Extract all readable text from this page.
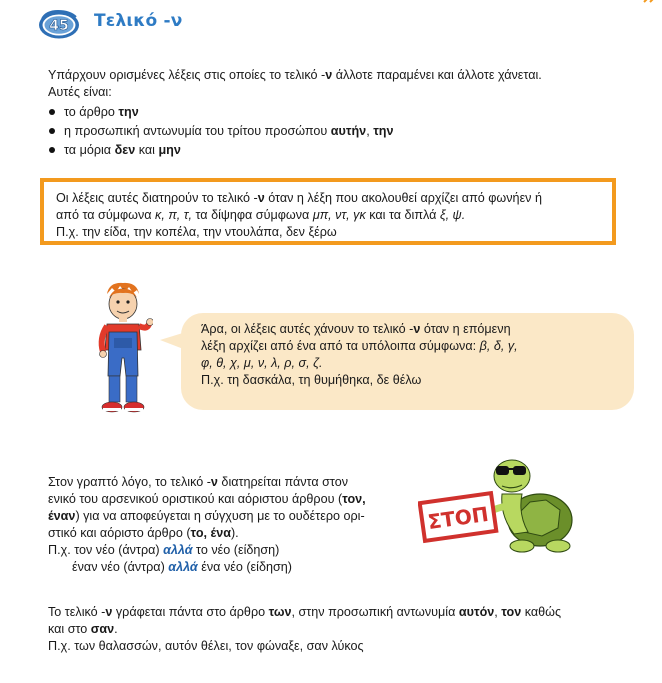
45 Τελικό -ν

Υπάρχουν ορισμένες λέξεις στις οποίες το τελικό -ν άλλοτε παραμένει και άλλοτε χάνεται.

Αυτές είναι:

το άρθρο την
η προσωπική αντωνυμία του τρίτου προσώπου αυτήν, την
τα μόρια δεν και μην

Οι λέξεις αυτές διατηρούν το τελικό -ν όταν η λέξη που ακολουθεί αρχίζει από φωνήεν ή

από τα σύμφωνα κ, π, τ, τα δίψηφα σύμφωνα μπ, ντ, γκ και τα διπλά ξ, ψ.

Π.χ. την είδα, την κοπέλα, την ντουλάπα, δεν ξέρω

Άρα, οι λέξεις αυτές χάνουν το τελικό -ν όταν η επόμενη

λέξη αρχίζει από ένα από τα υπόλοιπα σύμφωνα: β, δ, γ,

φ, θ, χ, μ, ν, λ, ρ, σ, ζ.

Π.χ. τη δασκάλα, τη θυμήθηκα, δε θέλω

Στον γραπτό λόγο, το τελικό -ν διατηρείται πάντα στον

ενικό του αρσενικού οριστικού και αόριστου άρθρου (τον,

έναν) για να αποφεύγεται η σύγχυση με το ουδέτερο ορι-

στικό και αόριστο άρθρο (το, ένα).

Π.χ. τον νέο (άντρα) αλλά το νέο (είδηση)

έναν νέο (άντρα) αλλά ένα νέο (είδηση)

ΣΤΟΠ

Το τελικό -ν γράφεται πάντα στο άρθρο των, στην προσωπική αντωνυμία αυτόν, τον καθώς

και στο σαν.

Π.χ. των θαλασσών, αυτόν θέλει, τον φώναξε, σαν λύκος
